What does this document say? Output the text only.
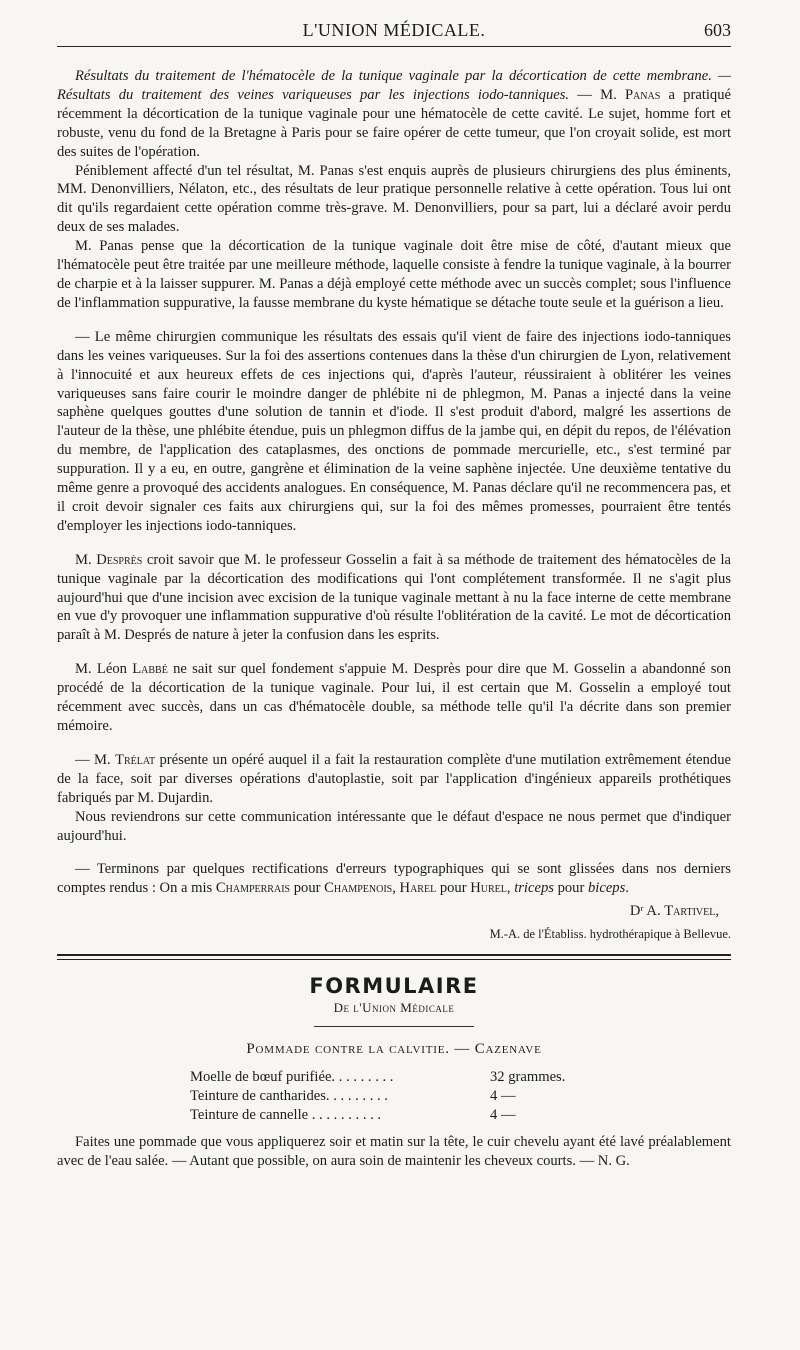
L'UNION MÉDICALE.	603

Résultats du traitement de l'hématocèle de la tunique vaginale par la décortication de cette membrane. — Résultats du traitement des veines variqueuses par les injections iodo-tanniques. — M. Panas a pratiqué récemment la décortication de la tunique vaginale pour une hématocèle de cette cavité. Le sujet, homme fort et robuste, venu du fond de la Bretagne à Paris pour se faire opérer de cette tumeur, que l'on croyait solide, est mort des suites de l'opération.

Péniblement affecté d'un tel résultat, M. Panas s'est enquis auprès de plusieurs chirurgiens des plus éminents, MM. Denonvilliers, Nélaton, etc., des résultats de leur pratique personnelle relative à cette opération. Tous lui ont dit qu'ils regardaient cette opération comme très-grave. M. Denonvilliers, pour sa part, lui a déclaré avoir perdu deux de ses malades.

M. Panas pense que la décortication de la tunique vaginale doit être mise de côté, d'autant mieux que l'hématocèle peut être traitée par une meilleure méthode, laquelle consiste à fendre la tunique vaginale, à la bourrer de charpie et à la laisser suppurer. M. Panas a déjà employé cette méthode avec un succès complet; sous l'influence de l'inflammation suppurative, la fausse membrane du kyste hématique se détache toute seule et la guérison a lieu.

— Le même chirurgien communique les résultats des essais qu'il vient de faire des injections iodo-tanniques dans les veines variqueuses. Sur la foi des assertions contenues dans la thèse d'un chirurgien de Lyon, relativement à l'innocuité et aux heureux effets de ces injections qui, d'après l'auteur, réussiraient à oblitérer les veines variqueuses sans faire courir le moindre danger de phlébite ni de phlegmon, M. Panas a injecté dans la veine saphène quelques gouttes d'une solution de tannin et d'iode. Il s'est produit d'abord, malgré les assertions de l'auteur de la thèse, une phlébite étendue, puis un phlegmon diffus de la jambe qui, en dépit du repos, de l'élévation du membre, de l'application des cataplasmes, des onctions de pommade mercurielle, etc., s'est terminé par suppuration. Il y a eu, en outre, gangrène et élimination de la veine saphène injectée. Une deuxième tentative du même genre a provoqué des accidents analogues. En conséquence, M. Panas déclare qu'il ne recommencera pas, et il croit devoir signaler ces faits aux chirurgiens qui, sur la foi des mêmes promesses, pourraient être tentés d'employer les injections iodo-tanniques.

M. Desprès croit savoir que M. le professeur Gosselin a fait à sa méthode de traitement des hématocèles de la tunique vaginale par la décortication des modifications qui l'ont complétement transformée. Il ne s'agit plus aujourd'hui que d'une incision avec excision de la tunique vaginale mettant à nu la face interne de cette membrane en vue d'y provoquer une inflammation suppurative d'où résulte l'oblitération de la cavité. Le mot de décortication paraît à M. Després de nature à jeter la confusion dans les esprits.

M. Léon Labbé ne sait sur quel fondement s'appuie M. Desprès pour dire que M. Gosselin a abandonné son procédé de la décortication de la tunique vaginale. Pour lui, il est certain que M. Gosselin a employé tout récemment avec succès, dans un cas d'hématocèle double, sa méthode telle qu'il l'a décrite dans son premier mémoire.

— M. Trélat présente un opéré auquel il a fait la restauration complète d'une mutilation extrêmement étendue de la face, soit par diverses opérations d'autoplastie, soit par l'application d'ingénieux appareils prothétiques fabriqués par M. Dujardin.

Nous reviendrons sur cette communication intéressante que le défaut d'espace ne nous permet que d'indiquer aujourd'hui.

— Terminons par quelques rectifications d'erreurs typographiques qui se sont glissées dans nos derniers comptes rendus : On a mis Champerrais pour Champenois, Harel pour Hurel, triceps pour biceps.

Dʳ A. Tartivel,
M.-A. de l'Établiss. hydrothérapique à Bellevue.
FORMULAIRE
De l'Union Médicale
Pommade contre la calvitie. — Cazenave
Moelle de bœuf purifiée. . . . . . . . .	32 grammes.
Teinture de cantharides. . . . . . . . .	4 —
Teinture de cannelle . . . . . . . . . .	4 —
Faites une pommade que vous appliquerez soir et matin sur la tête, le cuir chevelu ayant été lavé préalablement avec de l'eau salée. — Autant que possible, on aura soin de maintenir les cheveux courts. — N. G.
